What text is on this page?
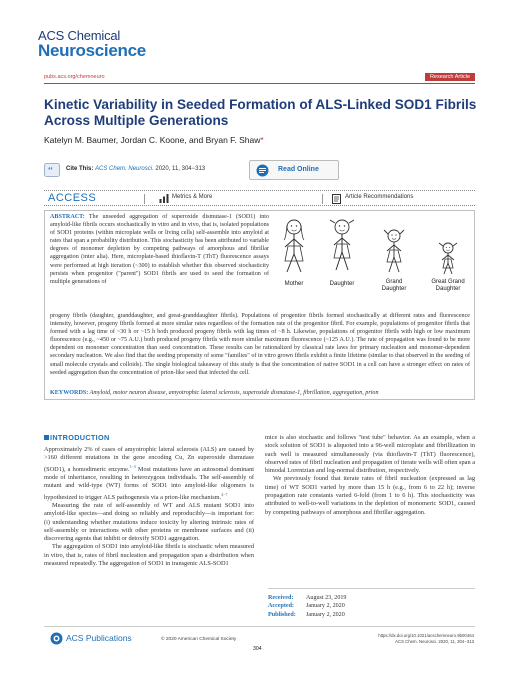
ACS Chemical
Neuroscience
pubs.acs.org/chemneuro	Research Article
Kinetic Variability in Seeded Formation of ALS-Linked SOD1 Fibrils Across Multiple Generations
Katelyn M. Baumer, Jordan C. Koone, and Bryan F. Shaw*
“ Cite This: ACS Chem. Neurosci. 2020, 11, 304−313	Read Online
ACCESS	Metrics & More	Article Recommendations
ABSTRACT: The unseeded aggregation of superoxide dismutase-1 (SOD1) into amyloid-like fibrils occurs stochastically in vitro and in vivo, that is, isolated populations of SOD1 proteins (within microplate wells or living cells) self-assemble into amyloid at rates that span a probability distribution. This stochasticity has been attributed to variable degrees of monomer depletion by competing pathways of amorphous and fibrillar aggregation (inter alia). Here, microplate-based thioflavin-T (ThT) fluorescence assays were performed at high iteration (~300) to establish whether this observed stochasticity persists when progenitor ("parent") SOD1 fibrils are used to seed the formation of multiple generations of	Mother	Daughter	Grand
Daughter
Great Grand
Daughter
progeny fibrils (daughter, granddaughter, and great-granddaughter fibrils). Populations of progenitor fibrils formed stochastically at different rates and fluorescence intensity, however, progeny fibrils formed at more similar rates regardless of the formation rate of the progenitor fibril. For example, populations of progenitor fibrils that formed with a lag time of ~30 h or ~15 h both produced progeny fibrils with lag times of ~8 h. Likewise, populations of progenitor fibrils with high or low maximum fluorescence (e.g., ~450 or ~75 A.U.) both produced progeny fibrils with more similar maximum fluorescence (~125 A.U.). The rate of propagation was found to be more dependent on monomer concentration than seed concentration. These results can be rationalized by classical rate laws for primary nucleation and monomer-dependent secondary nucleation. We also find that the seeding propensity of some "families" of in vitro grown fibrils exhibit a finite lifetime (similar to that observed in the seeding of small molecule crystals and colloids). The single biological takeaway of this study is that the concentration of native SOD1 in a cell can have a stronger effect on rates of seeded aggregation than the concentration of prion-like seed that infected the cell.
KEYWORDS: Amyloid, motor neuron disease, amyotrophic lateral sclerosis, superoxide dismutase-1, fibrillation, aggregation, prion
INTRODUCTION

Approximately 2% of cases of amyotrophic lateral sclerosis (ALS) are caused by >160 different mutations in the gene encoding Cu, Zn superoxide dismutase (SOD1), a homodimeric enzyme.$^{1-3}$ Most mutations have an autosomal dominant mode of inheritance, resulting in heterozygous individuals. The self-assembly of mutant and wild-type (WT) forms of SOD1 into amyloid-like oligomers is hypothesized to trigger ALS pathogenesis via a prion-like mechanism.$^{4-7}$

Measuring the rate of self-assembly of WT and ALS mutant SOD1 into amyloid-like species—and doing so reliably and reproducibly—is important for: (i) understanding whether mutations induce toxicity by altering intrinsic rates of self-assembly or interactions with other proteins or membrane surfaces and (ii) discovering agents that inhibit or detoxify SOD1 aggregation.

The aggregation of SOD1 into amyloid-like fibrils is stochastic when measured in vitro, that is, rates of fibril nucleation and propagation span a distribution when measured repeatedly. The aggregation of SOD1 in transgenic ALS-SOD1

mice is also stochastic and follows "test tube" behavior. As an example, when a stock solution of SOD1 is aliquoted into a 96-well microplate and fibrillization in each well is measured simultaneously (via thioflavin-T (ThT) fluorescence), observed rates of fibril nucleation and propagation of iterate wells will often span a bimodal Lorentzian and log-normal distribution, respectively.

We previously found that iterate rates of fibril nucleation (expressed as lag time) of WT SOD1 varied by more than 15 h (e.g., from 6 to 22 h); inverse propagation rate constants varied 6-fold (from 1 to 6 h). This stochasticity was attributed to well-to-well variations in the depletion of monomeric SOD1, caused by competing pathways of amorphous and fibrillar aggregation.

Received: August 23, 2019
Accepted: January 2, 2020
Published: January 2, 2020
ACS Publications	© 2020 American Chemical Society
304
https://dx.doi.org/10.1021/acschemneuro.9b00464
ACS Chem. Neurosci. 2020, 11, 304−313
